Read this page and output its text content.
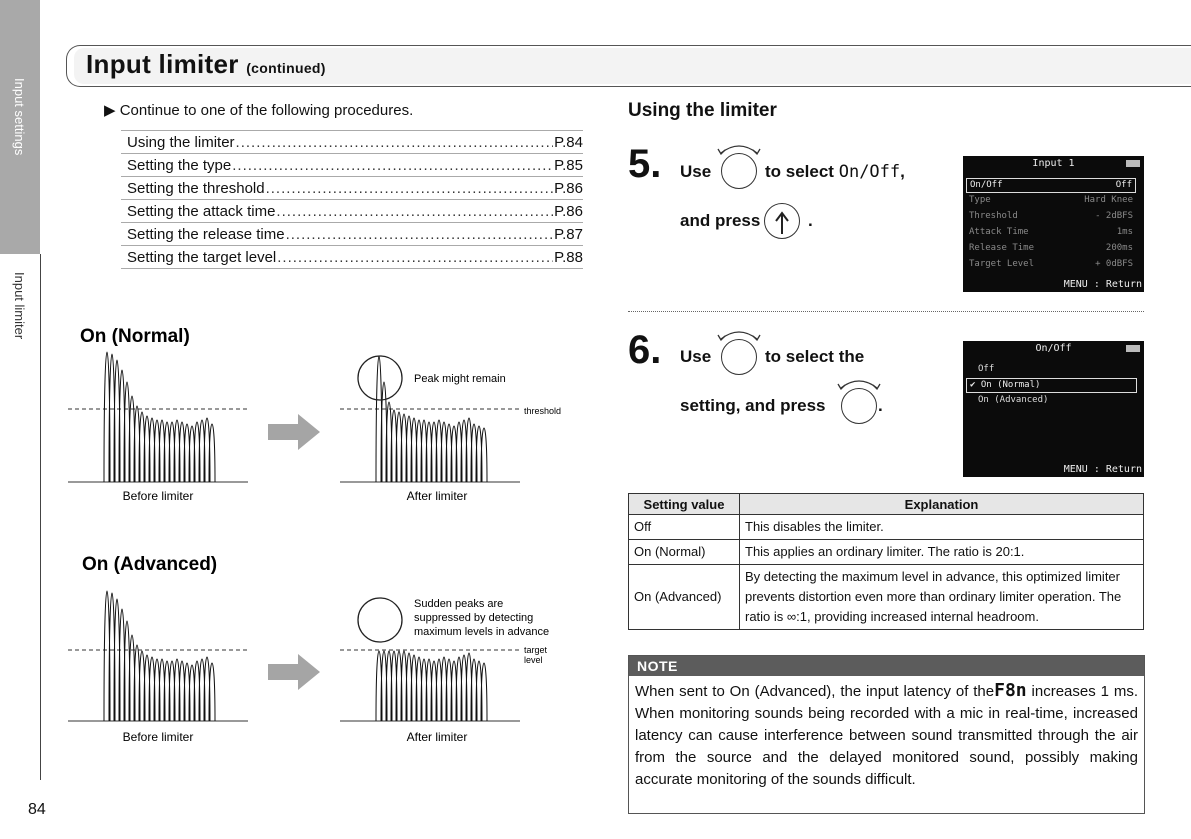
Input settings
Input limiter
84
Input limiter (continued)
▶ Continue to one of the following procedures.
Using the limiter .....	P.84
Setting the type .....	P.85
Setting the threshold .....	P.86
Setting the attack time .....	P.86
Setting the release time .....	P.87
Setting the target level .....	P.88
On (Normal)
Before limiter
Peak might remain
threshold
After limiter
On (Advanced)
Before limiter
Sudden peaks are
suppressed by detecting
maximum levels in advance
target
level
After limiter
Using the limiter
5. Use	to select On/Off,
and press	.
Input 1
On/Off	Off
Type	Hard Knee
Threshold	- 2dBFS
Attack Time	1ms
Release Time	200ms
Target Level	+ 0dBFS
MENU : Return
6. Use	to select the
setting, and press	.
On/Off
Off
✔ On (Normal)
On (Advanced)
MENU : Return
Setting value	Explanation
Off	This disables the limiter.
On (Normal)	This applies an ordinary limiter. The ratio is 20:1.
On (Advanced)	By detecting the maximum level in advance, this optimized limiter prevents distortion even more than ordinary limiter operation. The ratio is ∞:1, providing increased internal headroom.
NOTE
When sent to On (Advanced), the input latency of theF8n increases 1 ms. When monitoring sounds being recorded with a mic in real-time, increased latency can cause interference between sound transmitted through the air from the source and the delayed monitored sound, possibly making accurate monitoring of the sounds difficult.
